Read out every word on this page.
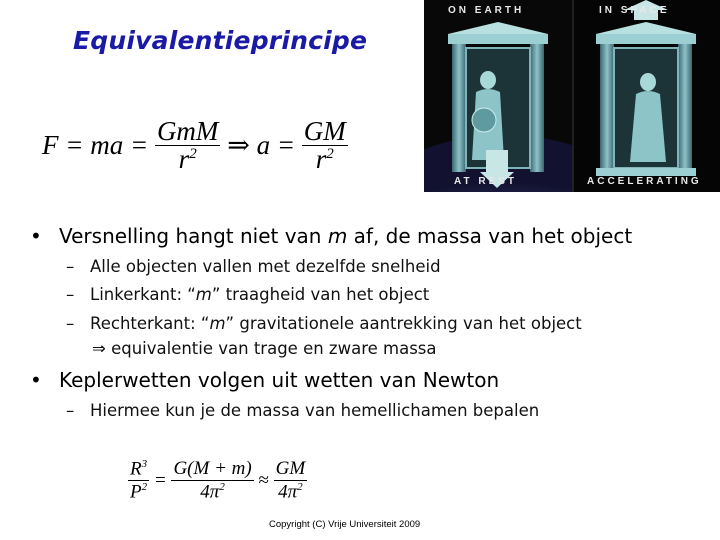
Equivalentieprincipe
F = ma = $\frac{\text{GmM}}{r^2}$ ⇒ $a = \frac{GM}{r^2}$
ON EARTH	IN SPACE
AT REST	ACCELERATING
• Versnelling hangt niet van m af, de massa van het object
– Alle objecten vallen met dezelfde snelheid
– Linkerkant: “m” traagheid van het object
– Rechterkant: “m” gravitationele aantrekking van het object
⇒ equivalentie van trage en zware massa
• Keplerwetten volgen uit wetten van Newton
– Hiermee kun je de massa van hemellichamen bepalen
$\frac{R^3}{P^2} = \frac{G(M + m)}{4\pi^2} \approx \frac{GM}{4\pi^2}$
Copyright (C) Vrije Universiteit 2009
